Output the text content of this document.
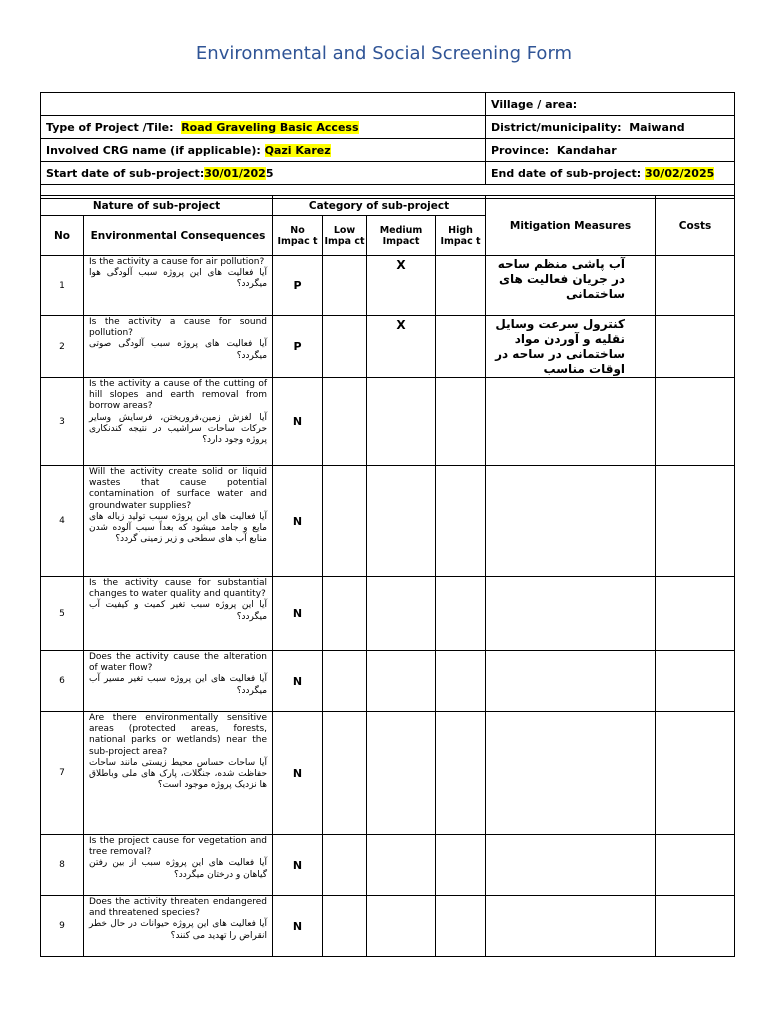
Environmental and Social Screening Form
	Village / area:
Type of Project /Tile: Road Graveling Basic Access	District/municipality: Maiwand
Involved CRG name (if applicable): Qazi Karez	Province: Kandahar
Start date of sub-project:30/01/2025	End date of sub-project: 30/02/2025

Nature of sub-project		Category of sub-project				Mitigation Measures	Costs
No	Environmental Consequences	No Impac t	Low Impa ct	Medium Impact	High Impac t		
1	Is the activity a cause for air pollution?
آیا فعالیت های این پروژه سبب آلودگی هوا میگردد؟	P		X		آب پاشی منظم ساحه در جریان فعالیت های ساختمانی	
2	Is the activity a cause for sound pollution?
آیا فعالیت های پروژه سبب آلودگی صوتی میگردد؟	P		X		کنترول سرعت وسایل نقلیه و آوردن مواد ساختمانی در ساحه در اوقات مناسب	
3	Is the activity a cause of the cutting of hill slopes and earth removal from borrow areas?
آیا لغزش زمین،فروریختن، فرسایش وسایر حرکات ساحات سراشیب در نتیجه کندنکاری پروژه وجود دارد؟	N					
4	Will the activity create solid or liquid wastes that cause potential contamination of surface water and groundwater supplies?
آیا فعالیت های این پروژه سبب تولید زباله های مایع و جامد میشود که بعداً سبب آلوده شدن منابع آب های سطحی و زیر زمینی گردد؟	N					
5	Is the activity cause for substantial changes to water quality and quantity?
آیا این پروژه سبب تغیر کمیت و کیفیت آب میگردد؟	N					
6	Does the activity cause the alteration of water flow?
آیا فعالیت های این پروژه سبب تغیر مسیر آب میگردد؟	N					
7	Are there environmentally sensitive areas (protected areas, forests, national parks or wetlands) near the sub-project area?
آیا ساحات حساس محیط زیستی مانند ساحات حفاظت شده، جنگلات، پارک های ملی وباطلاق ها نزدیک پروژه موجود است؟	N					
8	Is the project cause for vegetation and tree removal?
آیا فعالیت های این پروژه سبب از بین رفتن گیاهان و درختان میگردد؟	N					
9	Does the activity threaten endangered and threatened species?
آیا فعالیت های این پروژه حیوانات در حال خطر انقراض را تهدید می کنند؟	N					
